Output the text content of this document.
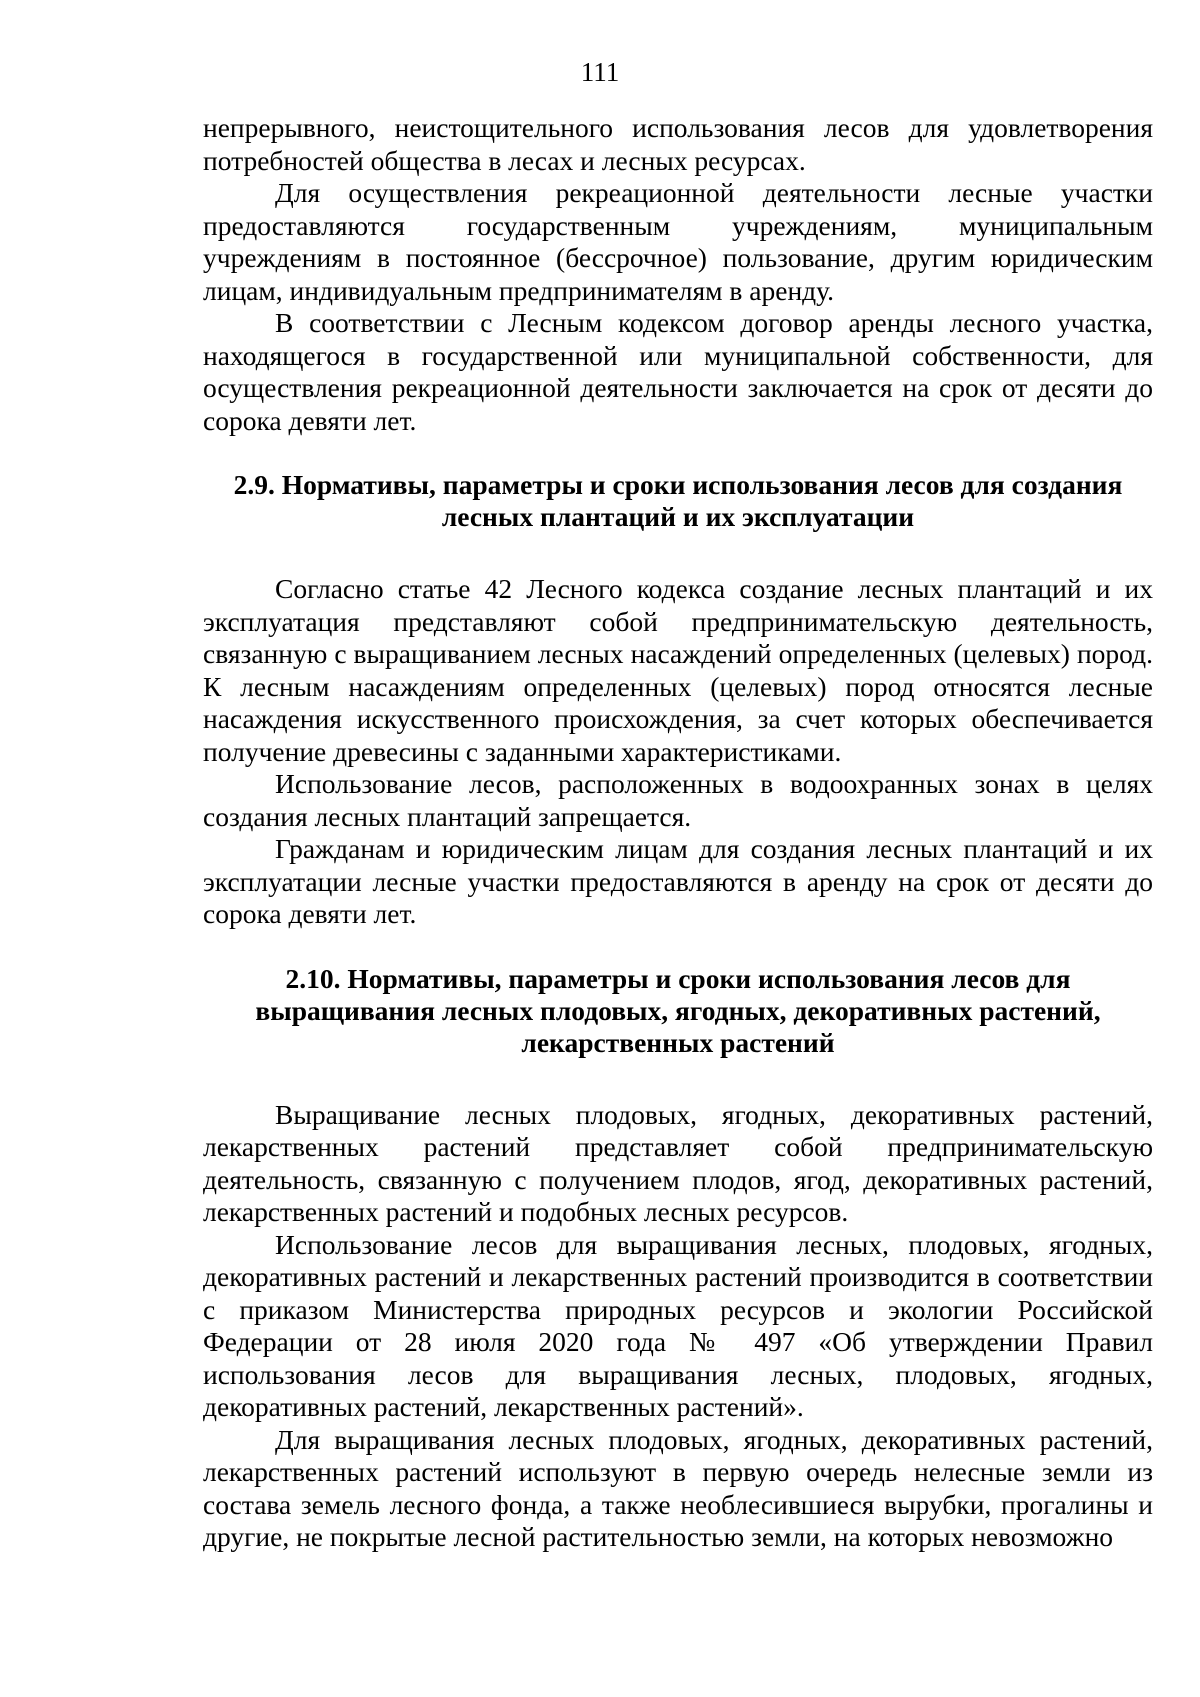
111

непрерывного, неистощительного использования лесов для удовлетворения потребностей общества в лесах и лесных ресурсах.

Для осуществления рекреационной деятельности лесные участки предоставляются государственным учреждениям, муниципальным учреждениям в постоянное (бессрочное) пользование, другим юридическим лицам, индивидуальным предпринимателям в аренду.

В соответствии с Лесным кодексом договор аренды лесного участка, находящегося в государственной или муниципальной собственности, для осуществления рекреационной деятельности заключается на срок от десяти до сорока девяти лет.

2.9. Нормативы, параметры и сроки использования лесов для создания
лесных плантаций и их эксплуатации

Согласно статье 42 Лесного кодекса создание лесных плантаций и их эксплуатация представляют собой предпринимательскую деятельность, связанную с выращиванием лесных насаждений определенных (целевых) пород. К лесным насаждениям определенных (целевых) пород относятся лесные насаждения искусственного происхождения, за счет которых обеспечивается получение древесины с заданными характеристиками.

Использование лесов, расположенных в водоохранных зонах в целях создания лесных плантаций запрещается.

Гражданам и юридическим лицам для создания лесных плантаций и их эксплуатации лесные участки предоставляются в аренду на срок от десяти до сорока девяти лет.

2.10. Нормативы, параметры и сроки использования лесов для
выращивания лесных плодовых, ягодных, декоративных растений,
лекарственных растений

Выращивание лесных плодовых, ягодных, декоративных растений, лекарственных растений представляет собой предпринимательскую деятельность, связанную с получением плодов, ягод, декоративных растений, лекарственных растений и подобных лесных ресурсов.

Использование лесов для выращивания лесных, плодовых, ягодных, декоративных растений и лекарственных растений производится в соответствии с приказом Министерства природных ресурсов и экологии Российской Федерации от 28 июля 2020 года № 497 «Об утверждении Правил использования лесов для выращивания лесных, плодовых, ягодных, декоративных растений, лекарственных растений».

Для выращивания лесных плодовых, ягодных, декоративных растений, лекарственных растений используют в первую очередь нелесные земли из состава земель лесного фонда, а также необлесившиеся вырубки, прогалины и другие, не покрытые лесной растительностью земли, на которых невозможно
